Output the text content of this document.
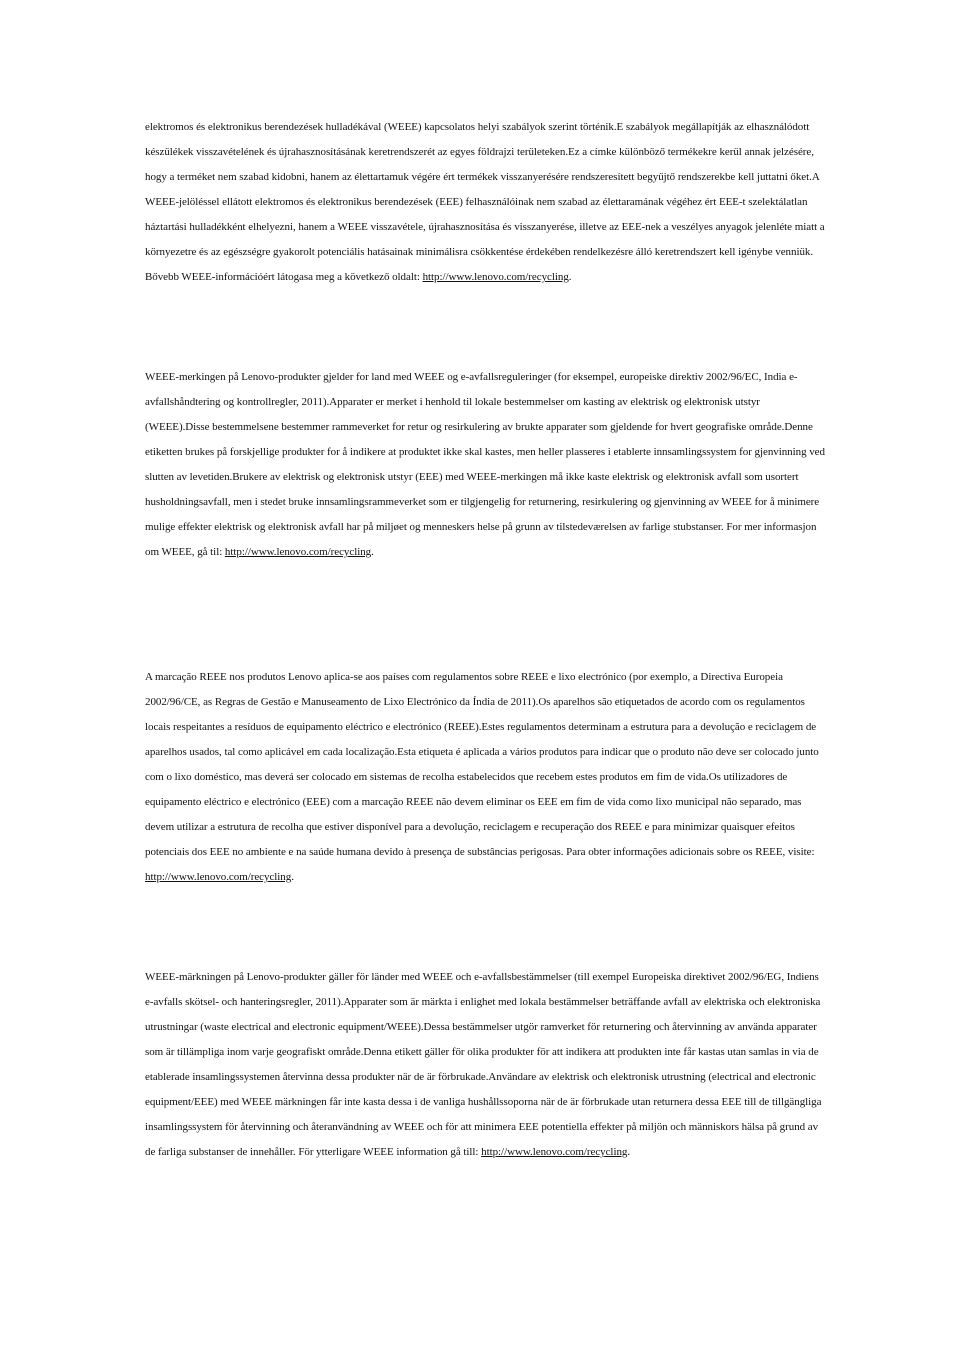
elektromos és elektronikus berendezések hulladékával (WEEE) kapcsolatos helyi szabályok szerint történik.E szabályok megállapítják az elhasználódott készülékek visszavételének és újrahasznosításának keretrendszerét az egyes földrajzi területeken.Ez a címke különböző termékekre kerül annak jelzésére, hogy a terméket nem szabad kidobni, hanem az élettartamuk végére ért termékek visszanyerésére rendszeresített begyűjtő rendszerekbe kell juttatni őket.A WEEE-jelöléssel ellátott elektromos és elektronikus berendezések (EEE) felhasználóinak nem szabad az élettaramának végéhez ért EEE-t szelektálatlan háztartási hulladékként elhelyezni, hanem a WEEE visszavétele, újrahasznosítása és visszanyerése, illetve az EEE-nek a veszélyes anyagok jelenléte miatt a környezetre és az egészségre gyakorolt potenciális hatásainak minimálisra csökkentése érdekében rendelkezésre álló keretrendszert kell igénybe venniük. Bővebb WEEE-információért látogasa meg a következő oldalt: http://www.lenovo.com/recycling.

WEEE-merkingen på Lenovo-produkter gjelder for land med WEEE og e-avfallsreguleringer (for eksempel, europeiske direktiv 2002/96/EC, India e-avfallshåndtering og kontrollregler, 2011).Apparater er merket i henhold til lokale bestemmelser om kasting av elektrisk og elektronisk utstyr (WEEE).Disse bestemmelsene bestemmer rammeverket for retur og resirkulering av brukte apparater som gjeldende for hvert geografiske område.Denne etiketten brukes på forskjellige produkter for å indikere at produktet ikke skal kastes, men heller plasseres i etablerte innsamlingssystem for gjenvinning ved slutten av levetiden.Brukere av elektrisk og elektronisk utstyr (EEE) med WEEE-merkingen må ikke kaste elektrisk og elektronisk avfall som usortert husholdningsavfall, men i stedet bruke innsamlingsrammeverket som er tilgjengelig for returnering, resirkulering og gjenvinning av WEEE for å minimere mulige effekter elektrisk og elektronisk avfall har på miljøet og menneskers helse på grunn av tilstedeværelsen av farlige stubstanser. For mer informasjon om WEEE, gå til: http://www.lenovo.com/recycling.

A marcação REEE nos produtos Lenovo aplica-se aos países com regulamentos sobre REEE e lixo electrónico (por exemplo, a Directiva Europeia 2002/96/CE, as Regras de Gestão e Manuseamento de Lixo Electrónico da Índia de 2011).Os aparelhos são etiquetados de acordo com os regulamentos locais respeitantes a resíduos de equipamento eléctrico e electrónico (REEE).Estes regulamentos determinam a estrutura para a devolução e reciclagem de aparelhos usados, tal como aplicável em cada localização.Esta etiqueta é aplicada a vários produtos para indicar que o produto não deve ser colocado junto com o lixo doméstico, mas deverá ser colocado em sistemas de recolha estabelecidos que recebem estes produtos em fim de vida.Os utilizadores de equipamento eléctrico e electrónico (EEE) com a marcação REEE não devem eliminar os EEE em fim de vida como lixo municipal não separado, mas devem utilizar a estrutura de recolha que estiver disponível para a devolução, reciclagem e recuperação dos REEE e para minimizar quaisquer efeitos potenciais dos EEE no ambiente e na saúde humana devido à presença de substâncias perigosas. Para obter informações adicionais sobre os REEE, visite: http://www.lenovo.com/recycling.

WEEE-märkningen på Lenovo-produkter gäller för länder med WEEE och e-avfallsbestämmelser (till exempel Europeiska direktivet 2002/96/EG, Indiens e-avfalls skötsel- och hanteringsregler, 2011).Apparater som är märkta i enlighet med lokala bestämmelser beträffande avfall av elektriska och elektroniska utrustningar (waste electrical and electronic equipment/WEEE).Dessa bestämmelser utgör ramverket för returnering och återvinning av använda apparater som är tillämpliga inom varje geografiskt område.Denna etikett gäller för olika produkter för att indikera att produkten inte får kastas utan samlas in via de etablerade insamlingssystemen återvinna dessa produkter när de är förbrukade.Användare av elektrisk och elektronisk utrustning (electrical and electronic equipment/EEE) med WEEE märkningen får inte kasta dessa i de vanliga hushållssoporna när de är förbrukade utan returnera dessa EEE till de tillgängliga insamlingssystem för återvinning och återanvändning av WEEE och för att minimera EEE potentiella effekter på miljön och människors hälsa på grund av de farliga substanser de innehåller. För ytterligare WEEE information gå till: http://www.lenovo.com/recycling.
